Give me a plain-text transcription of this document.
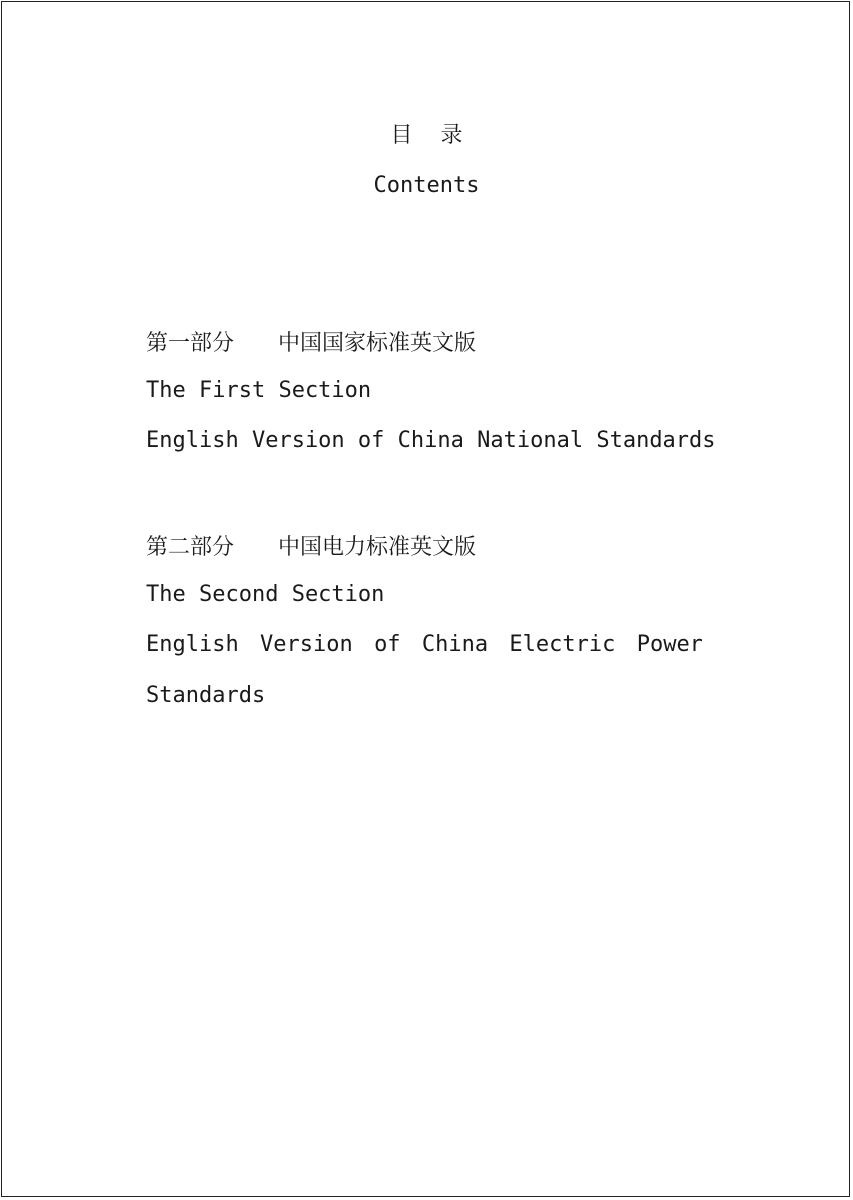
目录
Contents
第一部分 中国国家标准英文版
The First Section
English Version of China National Standards
第二部分 中国电力标准英文版
The Second Section
English Version of China Electric Power
Standards
